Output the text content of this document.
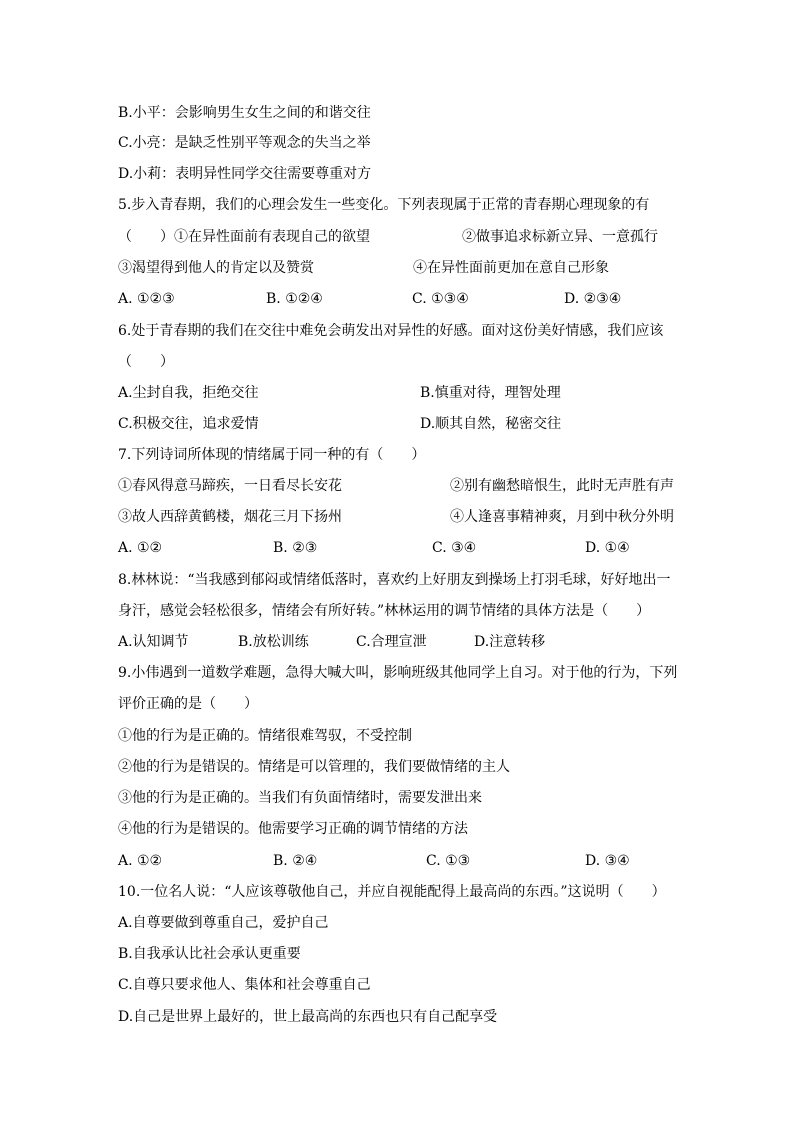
B.小平：会影响男生女生之间的和谐交往
C.小亮：是缺乏性别平等观念的失当之举
D.小莉：表明异性同学交往需要尊重对方
5.步入青春期，我们的心理会发生一些变化。下列表现属于正常的青春期心理现象的有
（　　）①在异性面前有表现自己的欲望	②做事追求标新立异、一意孤行
③渴望得到他人的肯定以及赞赏	④在异性面前更加在意自己形象
A. ①②③	B. ①②④	C. ①③④	D. ②③④
6.处于青春期的我们在交往中难免会萌发出对异性的好感。面对这份美好情感，我们应该
（　　）
A.尘封自我，拒绝交往	B.慎重对待，理智处理
C.积极交往，追求爱情	D.顺其自然，秘密交往
7.下列诗词所体现的情绪属于同一种的有（　　）
①春风得意马蹄疾，一日看尽长安花	②别有幽愁暗恨生，此时无声胜有声
③故人西辞黄鹤楼，烟花三月下扬州	④人逢喜事精神爽，月到中秋分外明
A. ①②	B. ②③	C. ③④	D. ①④
8.林林说：“当我感到郁闷或情绪低落时，喜欢约上好朋友到操场上打羽毛球，好好地出一
身汗，感觉会轻松很多，情绪会有所好转。”林林运用的调节情绪的具体方法是（　　）
A.认知调节	B.放松训练	C.合理宣泄	D.注意转移
9.小伟遇到一道数学难题，急得大喊大叫，影响班级其他同学上自习。对于他的行为，下列
评价正确的是（　　）
①他的行为是正确的。情绪很难驾驭，不受控制
②他的行为是错误的。情绪是可以管理的，我们要做情绪的主人
③他的行为是正确的。当我们有负面情绪时，需要发泄出来
④他的行为是错误的。他需要学习正确的调节情绪的方法
A. ①②	B. ②④	C. ①③	D. ③④
10.一位名人说：“人应该尊敬他自己，并应自视能配得上最高尚的东西。”这说明（　　）
A.自尊要做到尊重自己，爱护自己
B.自我承认比社会承认更重要
C.自尊只要求他人、集体和社会尊重自己
D.自己是世界上最好的，世上最高尚的东西也只有自己配享受
